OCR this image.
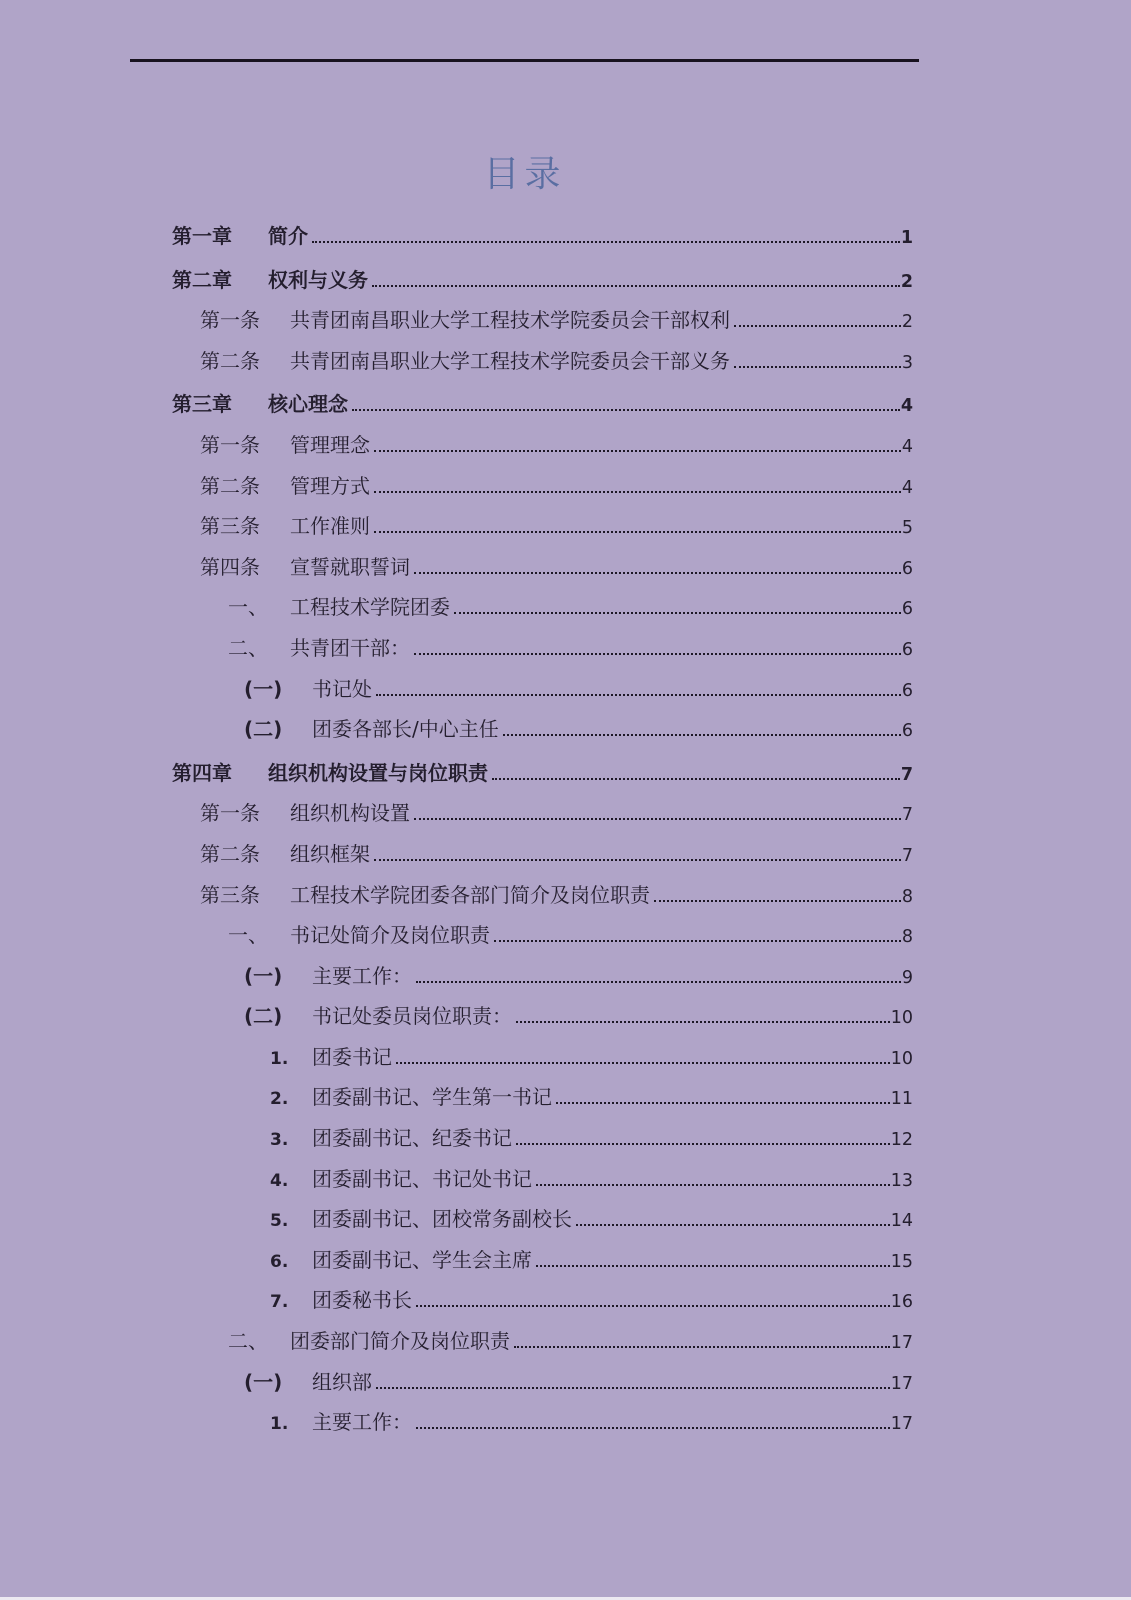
目录
第一章	简介	1
第二章	权利与义务	2
第一条	共青团南昌职业大学工程技术学院委员会干部权利	2
第二条	共青团南昌职业大学工程技术学院委员会干部义务	3
第三章	核心理念	4
第一条	管理理念	4
第二条	管理方式	4
第三条	工作准则	5
第四条	宣誓就职誓词	6
一、	工程技术学院团委	6
二、	共青团干部：	6
(一)	书记处	6
(二)	团委各部长/中心主任	6
第四章	组织机构设置与岗位职责	7
第一条	组织机构设置	7
第二条	组织框架	7
第三条	工程技术学院团委各部门简介及岗位职责	8
一、	书记处简介及岗位职责	8
(一)	主要工作：	9
(二)	书记处委员岗位职责：	10
1.	团委书记	10
2.	团委副书记、学生第一书记	11
3.	团委副书记、纪委书记	12
4.	团委副书记、书记处书记	13
5.	团委副书记、团校常务副校长	14
6.	团委副书记、学生会主席	15
7.	团委秘书长	16
二、	团委部门简介及岗位职责	17
(一)	组织部	17
1.	主要工作：	17
